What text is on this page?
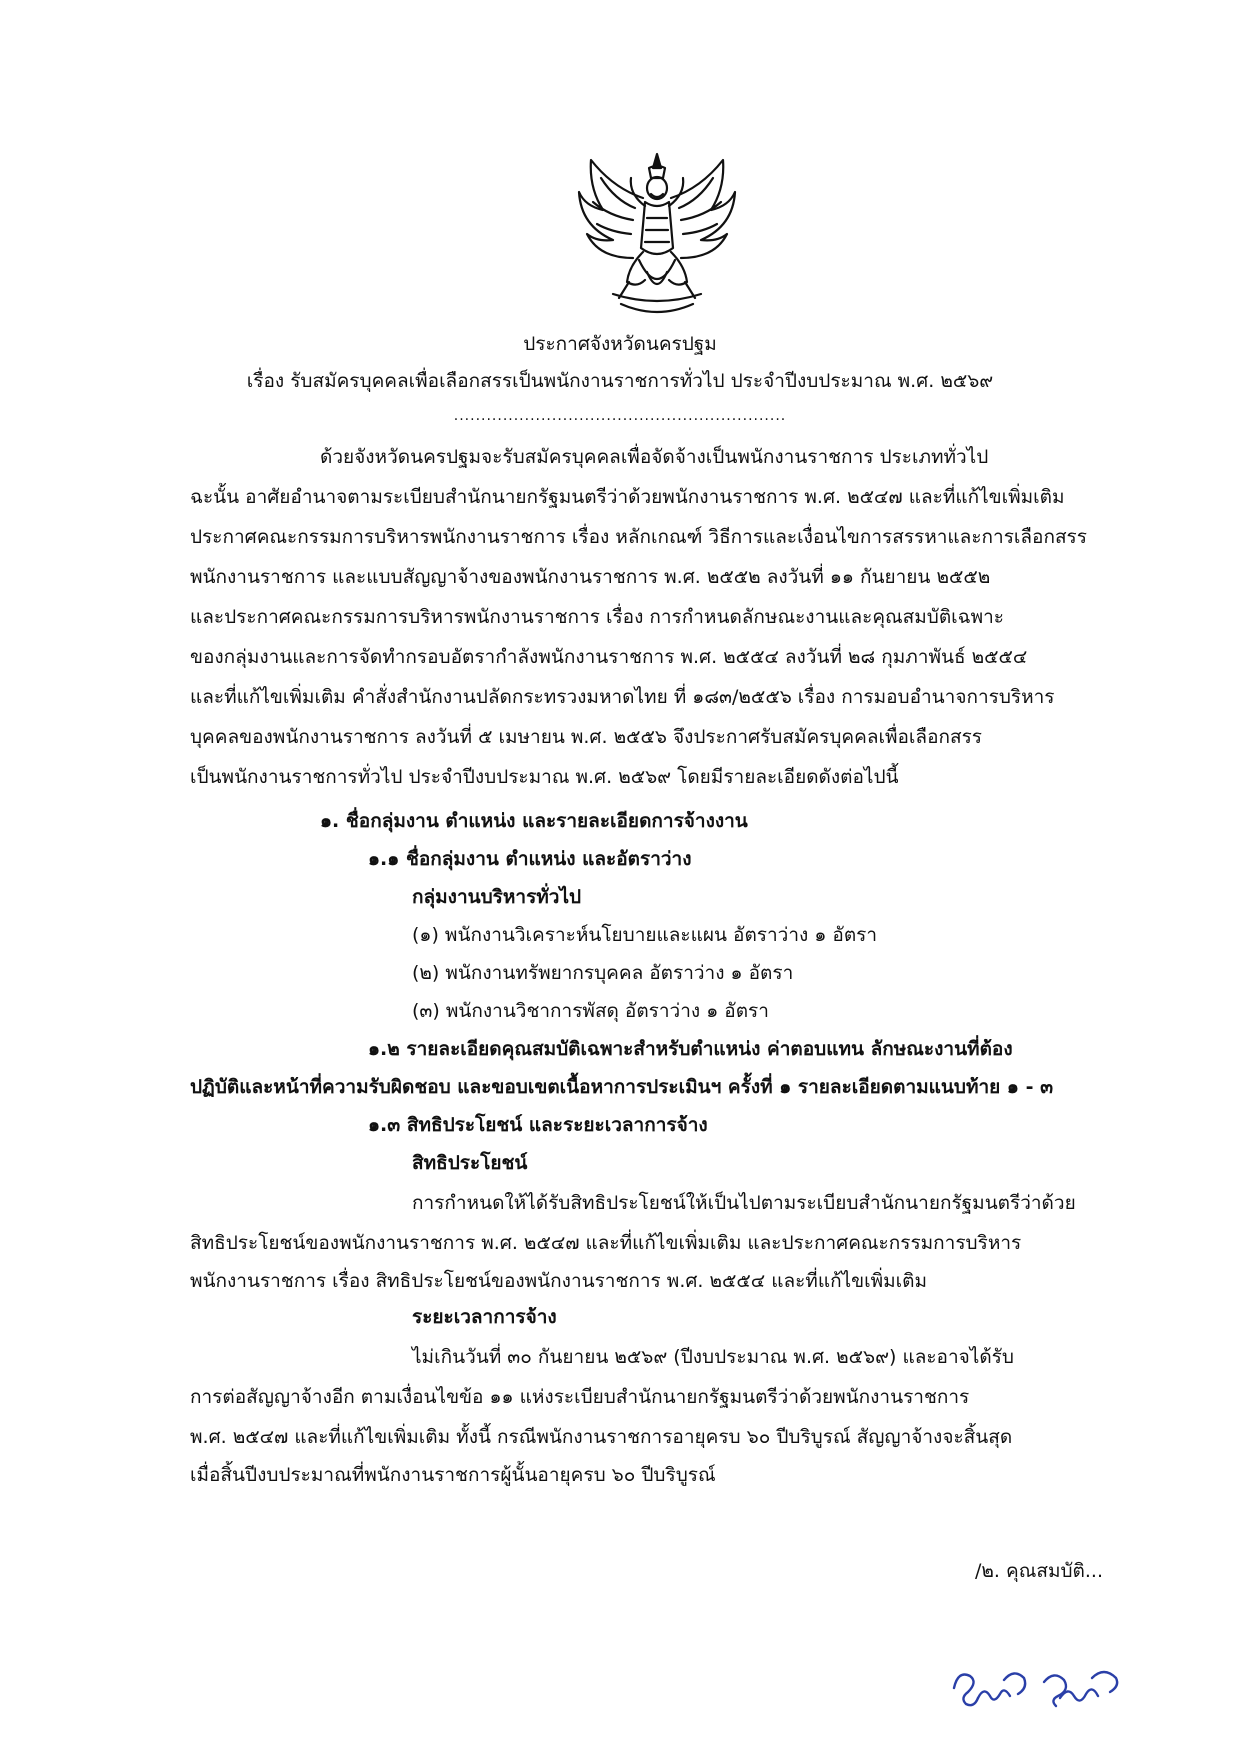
ประกาศจังหวัดนครปฐม
เรื่อง รับสมัครบุคคลเพื่อเลือกสรรเป็นพนักงานราชการทั่วไป ประจำปีงบประมาณ พ.ศ. ๒๕๖๙
.............................................................
ด้วยจังหวัดนครปฐมจะรับสมัครบุคคลเพื่อจัดจ้างเป็นพนักงานราชการ ประเภททั่วไป
ฉะนั้น อาศัยอำนาจตามระเบียบสำนักนายกรัฐมนตรีว่าด้วยพนักงานราชการ พ.ศ. ๒๕๔๗ และที่แก้ไขเพิ่มเติม
ประกาศคณะกรรมการบริหารพนักงานราชการ เรื่อง หลักเกณฑ์ วิธีการและเงื่อนไขการสรรหาและการเลือกสรร
พนักงานราชการ และแบบสัญญาจ้างของพนักงานราชการ พ.ศ. ๒๕๕๒ ลงวันที่ ๑๑ กันยายน ๒๕๕๒
และประกาศคณะกรรมการบริหารพนักงานราชการ เรื่อง การกำหนดลักษณะงานและคุณสมบัติเฉพาะ
ของกลุ่มงานและการจัดทำกรอบอัตรากำลังพนักงานราชการ พ.ศ. ๒๕๕๔ ลงวันที่ ๒๘ กุมภาพันธ์ ๒๕๕๔
และที่แก้ไขเพิ่มเติม คำสั่งสำนักงานปลัดกระทรวงมหาดไทย ที่ ๑๘๓/๒๕๕๖ เรื่อง การมอบอำนาจการบริหาร
บุคคลของพนักงานราชการ ลงวันที่ ๕ เมษายน พ.ศ. ๒๕๕๖ จึงประกาศรับสมัครบุคคลเพื่อเลือกสรร
เป็นพนักงานราชการทั่วไป ประจำปีงบประมาณ พ.ศ. ๒๕๖๙ โดยมีรายละเอียดดังต่อไปนี้
๑. ชื่อกลุ่มงาน ตำแหน่ง และรายละเอียดการจ้างงาน
๑.๑ ชื่อกลุ่มงาน ตำแหน่ง และอัตราว่าง
กลุ่มงานบริหารทั่วไป
(๑) พนักงานวิเคราะห์นโยบายและแผน อัตราว่าง ๑ อัตรา
(๒) พนักงานทรัพยากรบุคคล อัตราว่าง ๑ อัตรา
(๓) พนักงานวิชาการพัสดุ อัตราว่าง ๑ อัตรา
๑.๒ รายละเอียดคุณสมบัติเฉพาะสำหรับตำแหน่ง ค่าตอบแทน ลักษณะงานที่ต้อง
ปฏิบัติและหน้าที่ความรับผิดชอบ และขอบเขตเนื้อหาการประเมินฯ ครั้งที่ ๑ รายละเอียดตามแนบท้าย ๑ - ๓
๑.๓ สิทธิประโยชน์ และระยะเวลาการจ้าง
สิทธิประโยชน์
การกำหนดให้ได้รับสิทธิประโยชน์ให้เป็นไปตามระเบียบสำนักนายกรัฐมนตรีว่าด้วย
สิทธิประโยชน์ของพนักงานราชการ พ.ศ. ๒๕๔๗ และที่แก้ไขเพิ่มเติม และประกาศคณะกรรมการบริหาร
พนักงานราชการ เรื่อง สิทธิประโยชน์ของพนักงานราชการ พ.ศ. ๒๕๕๔ และที่แก้ไขเพิ่มเติม
ระยะเวลาการจ้าง
ไม่เกินวันที่ ๓๐ กันยายน ๒๕๖๙ (ปีงบประมาณ พ.ศ. ๒๕๖๙) และอาจได้รับ
การต่อสัญญาจ้างอีก ตามเงื่อนไขข้อ ๑๑ แห่งระเบียบสำนักนายกรัฐมนตรีว่าด้วยพนักงานราชการ
พ.ศ. ๒๕๔๗ และที่แก้ไขเพิ่มเติม ทั้งนี้ กรณีพนักงานราชการอายุครบ ๖๐ ปีบริบูรณ์ สัญญาจ้างจะสิ้นสุด
เมื่อสิ้นปีงบประมาณที่พนักงานราชการผู้นั้นอายุครบ ๖๐ ปีบริบูรณ์
/๒. คุณสมบัติ...
